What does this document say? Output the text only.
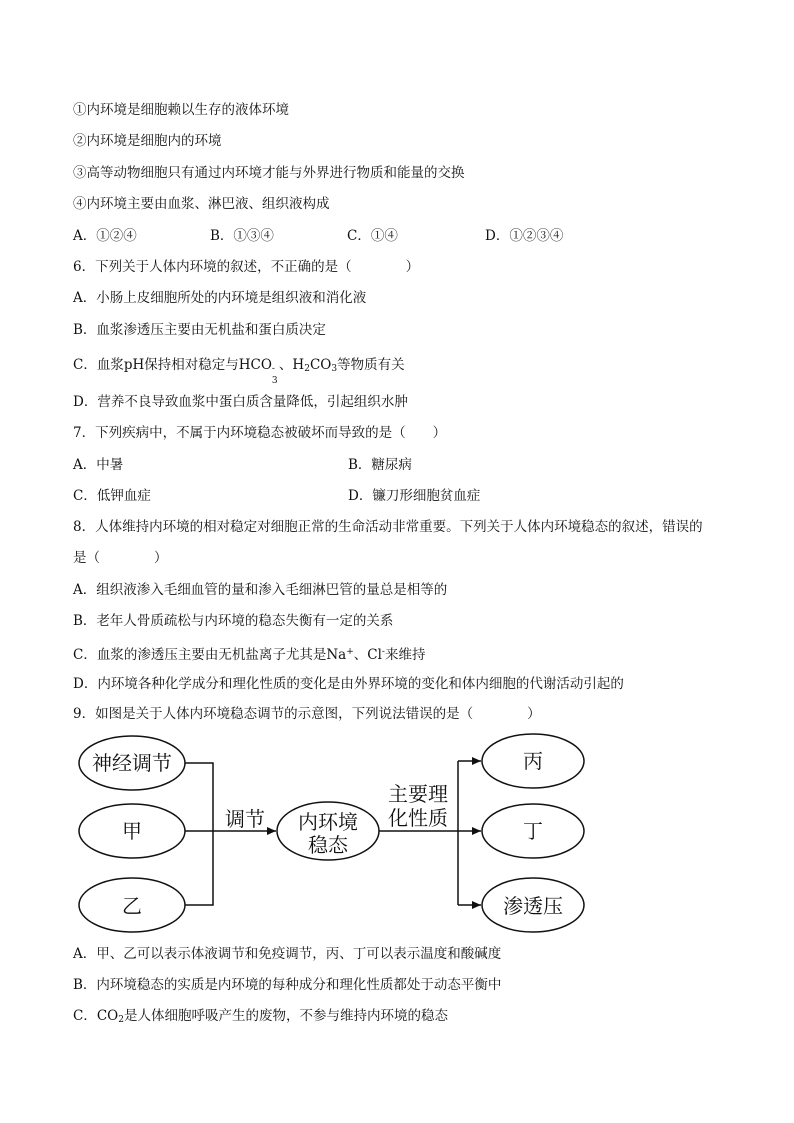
①内环境是细胞赖以生存的液体环境
②内环境是细胞内的环境
③高等动物细胞只有通过内环境才能与外界进行物质和能量的交换
④内环境主要由血浆、淋巴液、组织液构成
A．①②④	B．①③④	C．①④	D．①②③④
6．下列关于人体内环境的叙述，不正确的是（　　　　）
A．小肠上皮细胞所处的内环境是组织液和消化液
B．血浆渗透压主要由无机盐和蛋白质决定
C．血浆pH保持相对稳定与HCO -
3
、$H_2CO_3$等物质有关
D．营养不良导致血浆中蛋白质含量降低，引起组织水肿
7．下列疾病中，不属于内环境稳态被破坏而导致的是（　　）
A．中暑	B．糖尿病
C．低钾血症	D．镰刀形细胞贫血症
8．人体维持内环境的相对稳定对细胞正常的生命活动非常重要。下列关于人体内环境稳态的叙述，错误的
是（　　　　）
A．组织液渗入毛细血管的量和渗入毛细淋巴管的量总是相等的
B．老年人骨质疏松与内环境的稳态失衡有一定的关系
C．血浆的渗透压主要由无机盐离子尤其是Na+、Cl-来维持
D．内环境各种化学成分和理化性质的变化是由外界环境的变化和体内细胞的代谢活动引起的
9．如图是关于人体内环境稳态调节的示意图，下列说法错误的是（　　　　）
神经调节
甲
乙
调节 内环境
稳态
主要理
化性质
丙
丁
渗透压
A．甲、乙可以表示体液调节和免疫调节，丙、丁可以表示温度和酸碱度
B．内环境稳态的实质是内环境的每种成分和理化性质都处于动态平衡中
C．$CO_2$是人体细胞呼吸产生的废物，不参与维持内环境的稳态
